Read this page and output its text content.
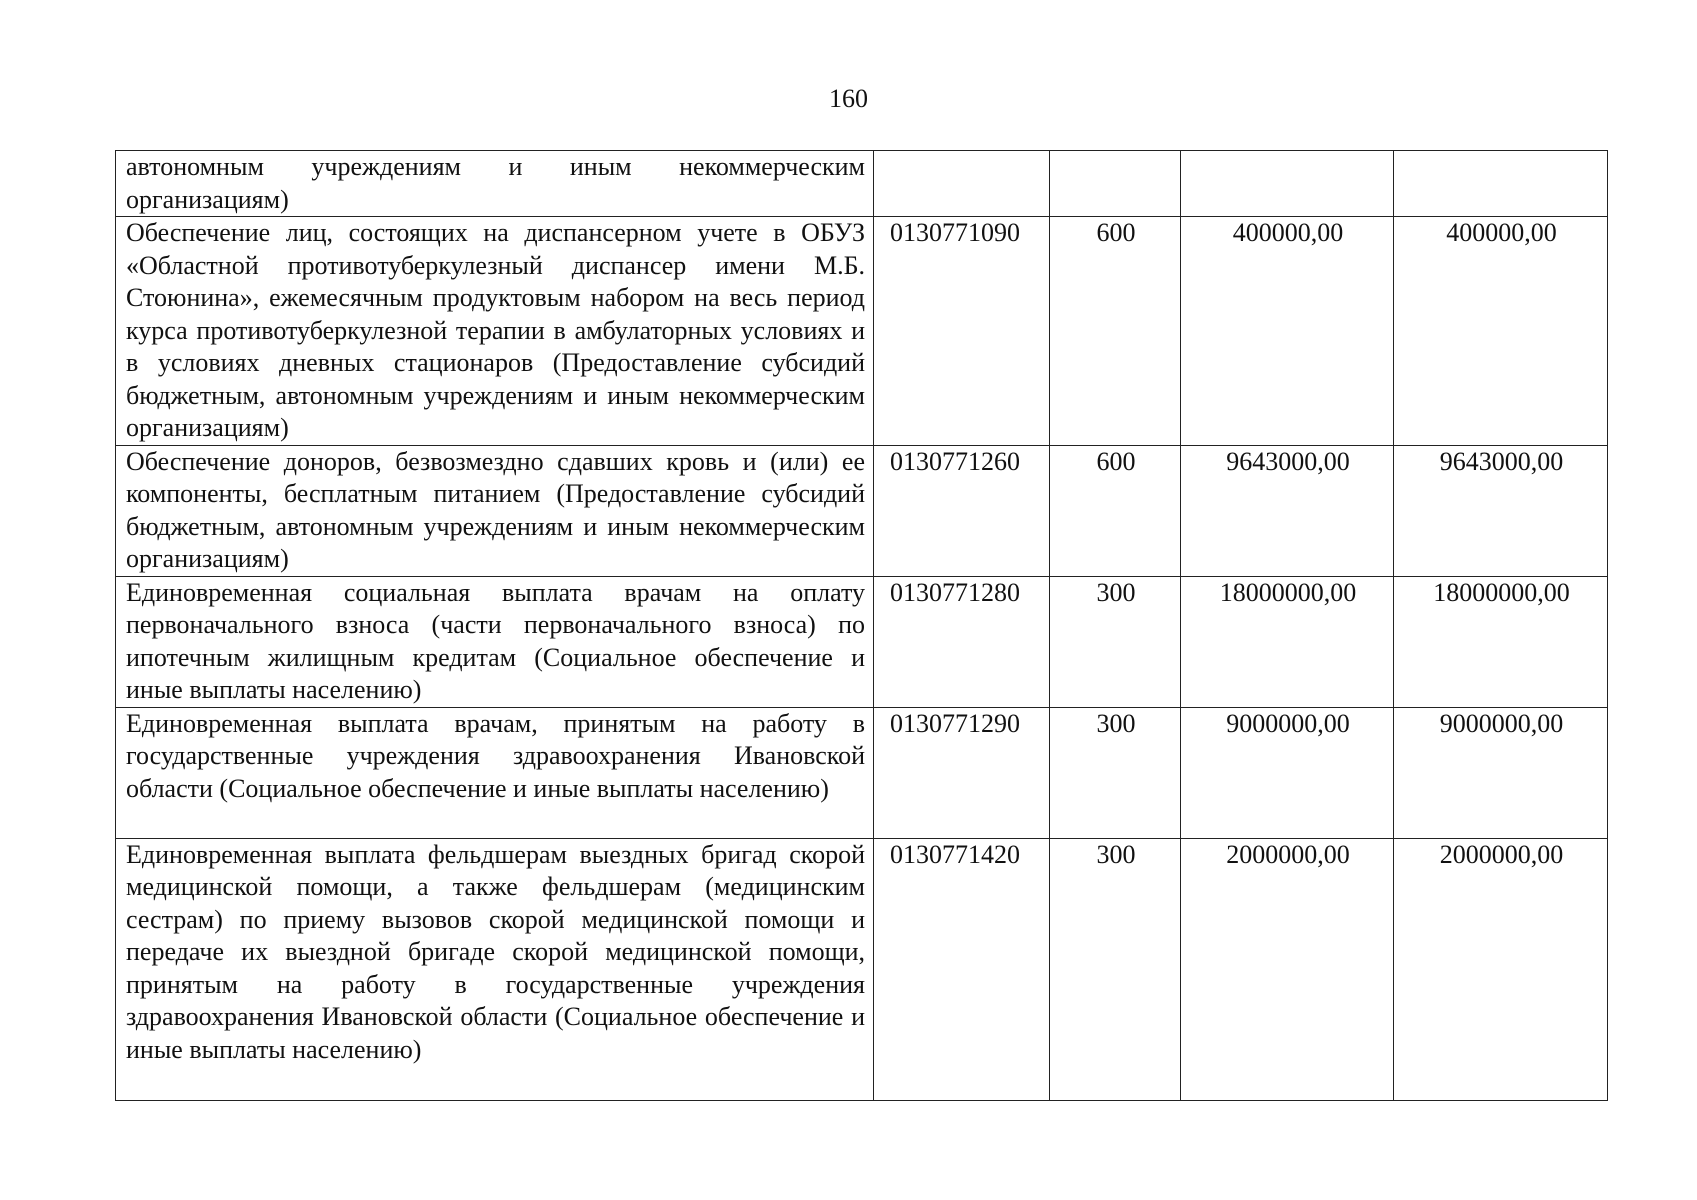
160
автономным учреждениям и иным некоммерческим организациям)				
Обеспечение лиц, состоящих на диспансерном учете в ОБУЗ «Областной противотуберкулезный диспансер имени М.Б. Стоюнина», ежемесячным продуктовым набором на весь период курса противотуберкулезной терапии в амбулаторных условиях и в условиях дневных стационаров (Предоставление субсидий бюджетным, автономным учреждениям и иным некоммерческим организациям)	0130771090	600	400000,00	400000,00
Обеспечение доноров, безвозмездно сдавших кровь и (или) ее компоненты, бесплатным питанием (Предоставление субсидий бюджетным, автономным учреждениям и иным некоммерческим организациям)	0130771260	600	9643000,00	9643000,00
Единовременная социальная выплата врачам на оплату первоначального взноса (части первоначального взноса) по ипотечным жилищным кредитам (Социальное обеспечение и иные выплаты населению)	0130771280	300	18000000,00	18000000,00
Единовременная выплата врачам, принятым на работу в государственные учреждения здравоохранения Ивановской области (Социальное обеспечение и иные выплаты населению)	0130771290	300	9000000,00	9000000,00
Единовременная выплата фельдшерам выездных бригад скорой медицинской помощи, а также фельдшерам (медицинским сестрам) по приему вызовов скорой медицинской помощи и передаче их выездной бригаде скорой медицинской помощи, принятым на работу в государственные учреждения здравоохранения Ивановской области (Социальное обеспечение и иные выплаты населению)	0130771420	300	2000000,00	2000000,00
